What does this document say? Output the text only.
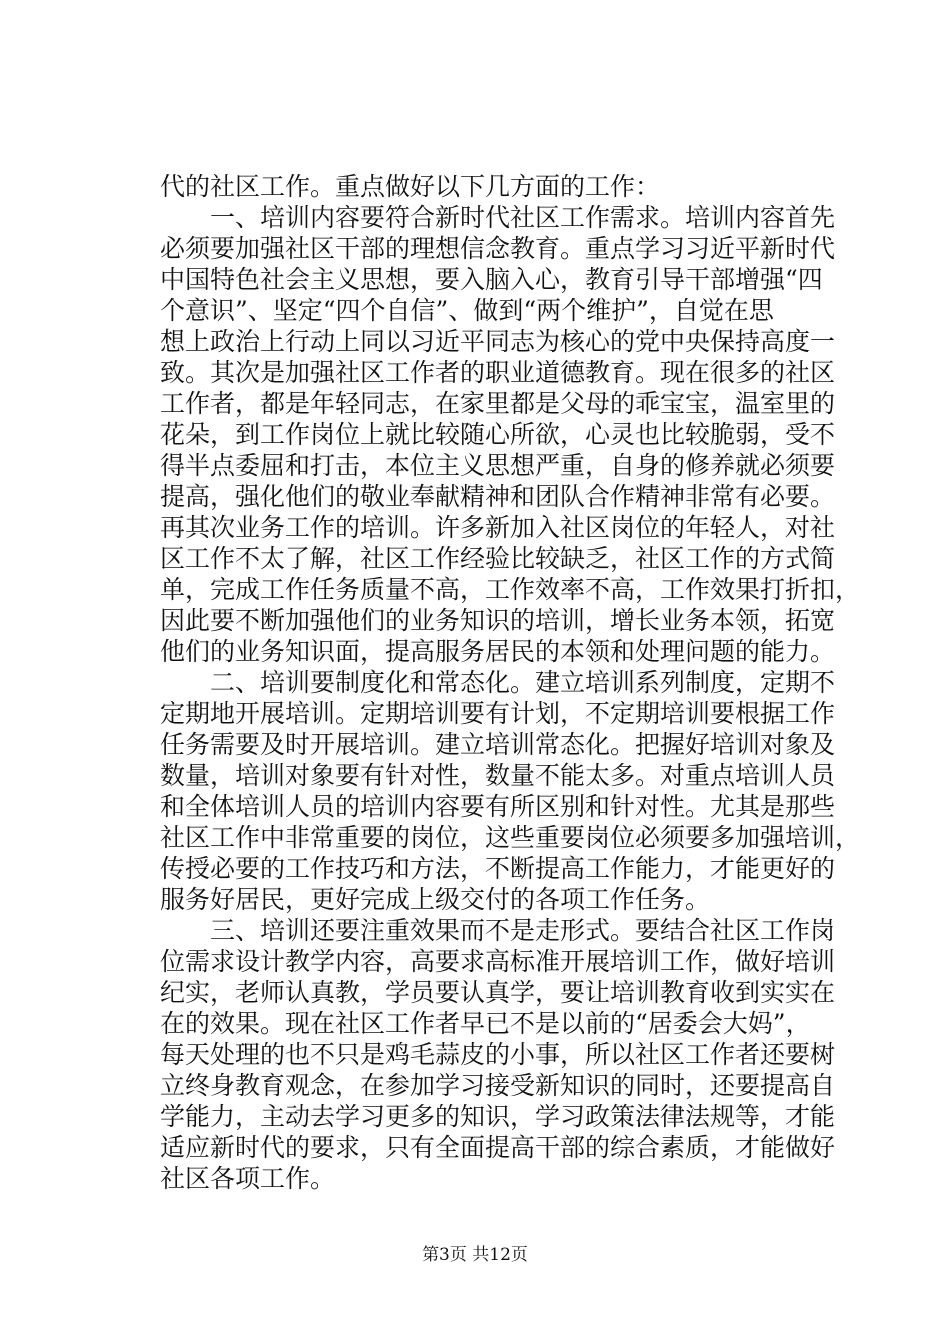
代的社区工作。重点做好以下几方面的工作：
　　一、培训内容要符合新时代社区工作需求。培训内容首先
必须要加强社区干部的理想信念教育。重点学习习近平新时代
中国特色社会主义思想，要入脑入心，教育引导干部增强“四
个意识”、坚定“四个自信”、做到“两个维护”，自觉在思
想上政治上行动上同以习近平同志为核心的党中央保持高度一
致。其次是加强社区工作者的职业道德教育。现在很多的社区
工作者，都是年轻同志，在家里都是父母的乖宝宝，温室里的
花朵，到工作岗位上就比较随心所欲，心灵也比较脆弱，受不
得半点委屈和打击，本位主义思想严重，自身的修养就必须要
提高，强化他们的敬业奉献精神和团队合作精神非常有必要。
再其次业务工作的培训。许多新加入社区岗位的年轻人，对社
区工作不太了解，社区工作经验比较缺乏，社区工作的方式简
单，完成工作任务质量不高，工作效率不高，工作效果打折扣，
因此要不断加强他们的业务知识的培训，增长业务本领，拓宽
他们的业务知识面，提高服务居民的本领和处理问题的能力。
　　二、培训要制度化和常态化。建立培训系列制度，定期不
定期地开展培训。定期培训要有计划，不定期培训要根据工作
任务需要及时开展培训。建立培训常态化。把握好培训对象及
数量，培训对象要有针对性，数量不能太多。对重点培训人员
和全体培训人员的培训内容要有所区别和针对性。尤其是那些
社区工作中非常重要的岗位，这些重要岗位必须要多加强培训，
传授必要的工作技巧和方法，不断提高工作能力，才能更好的
服务好居民，更好完成上级交付的各项工作任务。
　　三、培训还要注重效果而不是走形式。要结合社区工作岗
位需求设计教学内容，高要求高标准开展培训工作，做好培训
纪实，老师认真教，学员要认真学，要让培训教育收到实实在
在的效果。现在社区工作者早已不是以前的“居委会大妈”，
每天处理的也不只是鸡毛蒜皮的小事，所以社区工作者还要树
立终身教育观念，在参加学习接受新知识的同时，还要提高自
学能力，主动去学习更多的知识，学习政策法律法规等，才能
适应新时代的要求，只有全面提高干部的综合素质，才能做好
社区各项工作。
第3页 共12页
